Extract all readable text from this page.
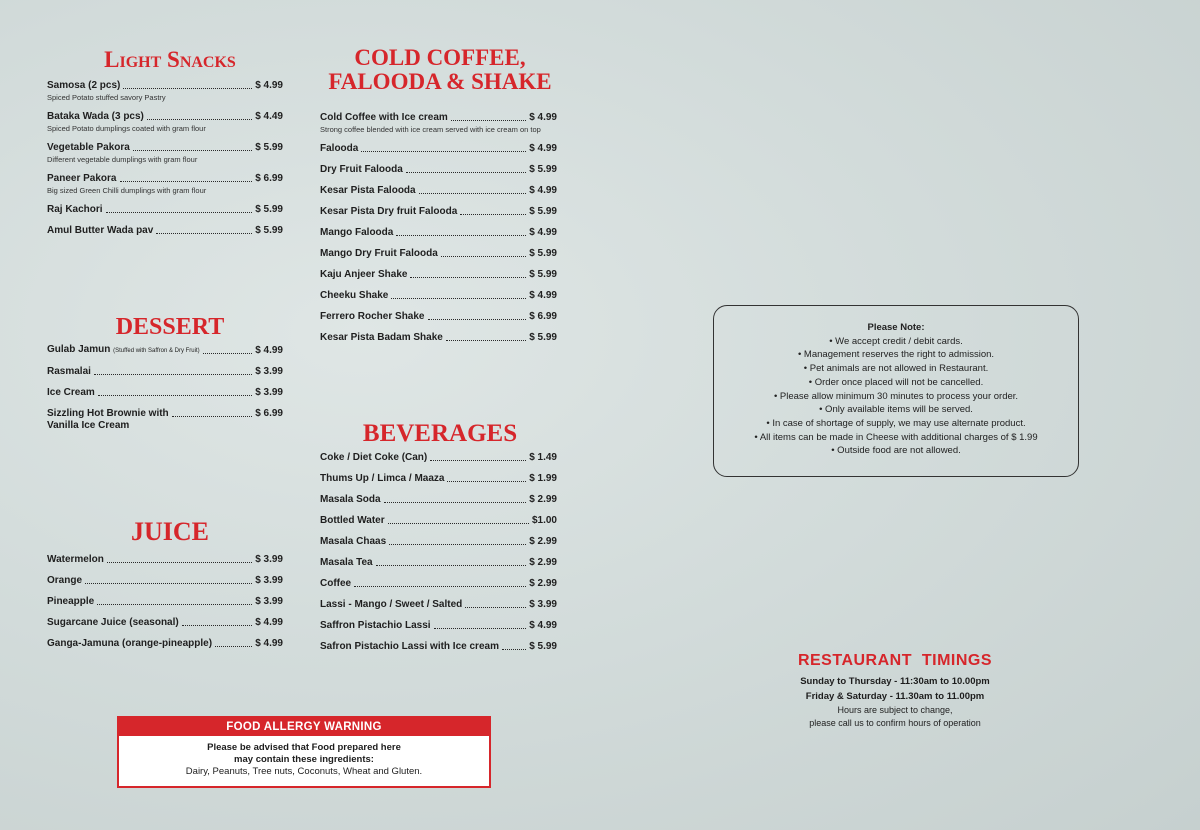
Light Snacks
DESSERT
JUICE
COLD COFFEE,
FALOODA & SHAKE
BEVERAGES
Samosa (2 pcs)	$ 4.99
Spiced Potato stuffed savory Pastry
Bataka Wada (3 pcs)	$ 4.49
Spiced Potato dumplings coated with gram flour
Vegetable Pakora	$ 5.99
Different vegetable dumplings with gram flour
Paneer Pakora	$ 6.99
Big sized Green Chilli dumplings with gram flour
Raj Kachori	$ 5.99
Amul Butter Wada pav	$ 5.99
Gulab Jamun (Stuffed with Saffron & Dry Fruit)	$ 4.99
Rasmalai	$ 3.99
Ice Cream	$ 3.99
Sizzling Hot Brownie with	$ 6.99
Vanilla Ice Cream
Watermelon	$ 3.99
Orange	$ 3.99
Pineapple	$ 3.99
Sugarcane Juice (seasonal)	$ 4.99
Ganga-Jamuna (orange-pineapple)	$ 4.99
Cold Coffee with Ice cream	$ 4.99
Strong coffee blended with ice cream served with ice cream on top
Falooda	$ 4.99
Dry Fruit Falooda	$ 5.99
Kesar Pista Falooda	$ 4.99
Kesar Pista Dry fruit Falooda	$ 5.99
Mango Falooda	$ 4.99
Mango Dry Fruit Falooda	$ 5.99
Kaju Anjeer Shake	$ 5.99
Cheeku Shake	$ 4.99
Ferrero Rocher Shake	$ 6.99
Kesar Pista Badam Shake	$ 5.99
Coke / Diet Coke (Can)	$ 1.49
Thums Up / Limca / Maaza	$ 1.99
Masala Soda	$ 2.99
Bottled Water	$1.00
Masala Chaas	$ 2.99
Masala Tea	$ 2.99
Coffee	$ 2.99
Lassi - Mango / Sweet / Salted	$ 3.99
Saffron Pistachio Lassi	$ 4.99
Safron Pistachio Lassi with Ice cream	$ 5.99
Please Note:
• We accept credit / debit cards.
• Management reserves the right to admission.
• Pet animals are not allowed in Restaurant.
• Order once placed will not be cancelled.
• Please allow minimum 30 minutes to process your order.
• Only available items will be served.
• In case of shortage of supply, we may use alternate product.
• All items can be made in Cheese with additional charges of $ 1.99
• Outside food are not allowed.
RESTAURANT  TIMINGS
Sunday to Thursday - 11:30am to 10.00pm
Friday & Saturday - 11.30am to 11.00pm
Hours are subject to change,
please call us to confirm hours of operation
FOOD ALLERGY WARNING
Please be advised that Food prepared here
may contain these ingredients:
Dairy, Peanuts, Tree nuts, Coconuts, Wheat and Gluten.
